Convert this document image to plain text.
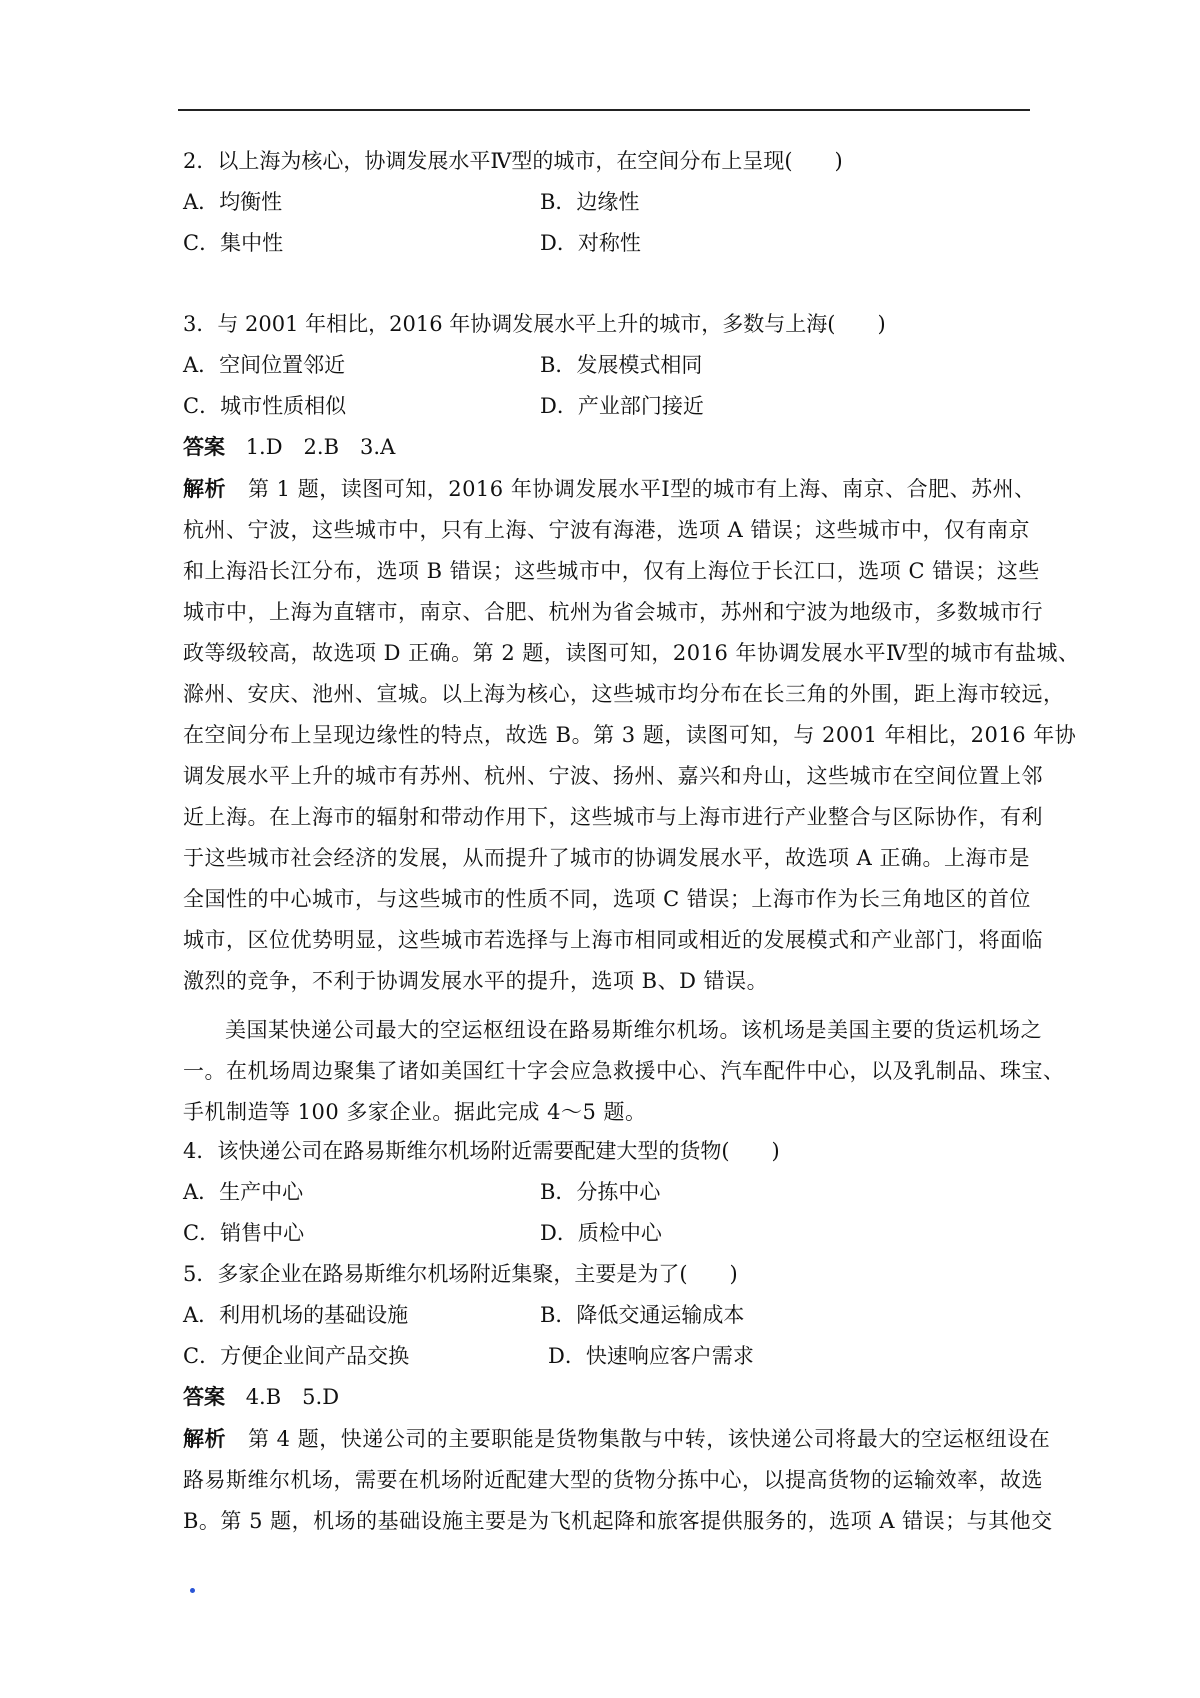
2．以上海为核心，协调发展水平Ⅳ型的城市，在空间分布上呈现(　　)
A．均衡性	B．边缘性
C．集中性	D．对称性
3．与 2001 年相比，2016 年协调发展水平上升的城市，多数与上海(　　)
A．空间位置邻近	B．发展模式相同
C．城市性质相似	D．产业部门接近
答案 1.D　2.B　3.A
解析 第 1 题，读图可知，2016 年协调发展水平Ⅰ型的城市有上海、南京、合肥、苏州、
杭州、宁波，这些城市中，只有上海、宁波有海港，选项 A 错误；这些城市中，仅有南京
和上海沿长江分布，选项 B 错误；这些城市中，仅有上海位于长江口，选项 C 错误；这些
城市中，上海为直辖市，南京、合肥、杭州为省会城市，苏州和宁波为地级市，多数城市行
政等级较高，故选项 D 正确。第 2 题，读图可知，2016 年协调发展水平Ⅳ型的城市有盐城、
滁州、安庆、池州、宣城。以上海为核心，这些城市均分布在长三角的外围，距上海市较远，
在空间分布上呈现边缘性的特点，故选 B。第 3 题，读图可知，与 2001 年相比，2016 年协
调发展水平上升的城市有苏州、杭州、宁波、扬州、嘉兴和舟山，这些城市在空间位置上邻
近上海。在上海市的辐射和带动作用下，这些城市与上海市进行产业整合与区际协作，有利
于这些城市社会经济的发展，从而提升了城市的协调发展水平，故选项 A 正确。上海市是
全国性的中心城市，与这些城市的性质不同，选项 C 错误；上海市作为长三角地区的首位
城市，区位优势明显，这些城市若选择与上海市相同或相近的发展模式和产业部门，将面临
激烈的竞争，不利于协调发展水平的提升，选项 B、D 错误。
美国某快递公司最大的空运枢纽设在路易斯维尔机场。该机场是美国主要的货运机场之
一。在机场周边聚集了诸如美国红十字会应急救援中心、汽车配件中心，以及乳制品、珠宝、
手机制造等 100 多家企业。据此完成 4～5 题。
4．该快递公司在路易斯维尔机场附近需要配建大型的货物(　　)
A．生产中心	B．分拣中心
C．销售中心	D．质检中心
5．多家企业在路易斯维尔机场附近集聚，主要是为了(　　)
A．利用机场的基础设施	B．降低交通运输成本
C．方便企业间产品交换	D．快速响应客户需求
答案 4.B　5.D
解析 第 4 题，快递公司的主要职能是货物集散与中转，该快递公司将最大的空运枢纽设在
路易斯维尔机场，需要在机场附近配建大型的货物分拣中心，以提高货物的运输效率，故选
B。第 5 题，机场的基础设施主要是为飞机起降和旅客提供服务的，选项 A 错误；与其他交
